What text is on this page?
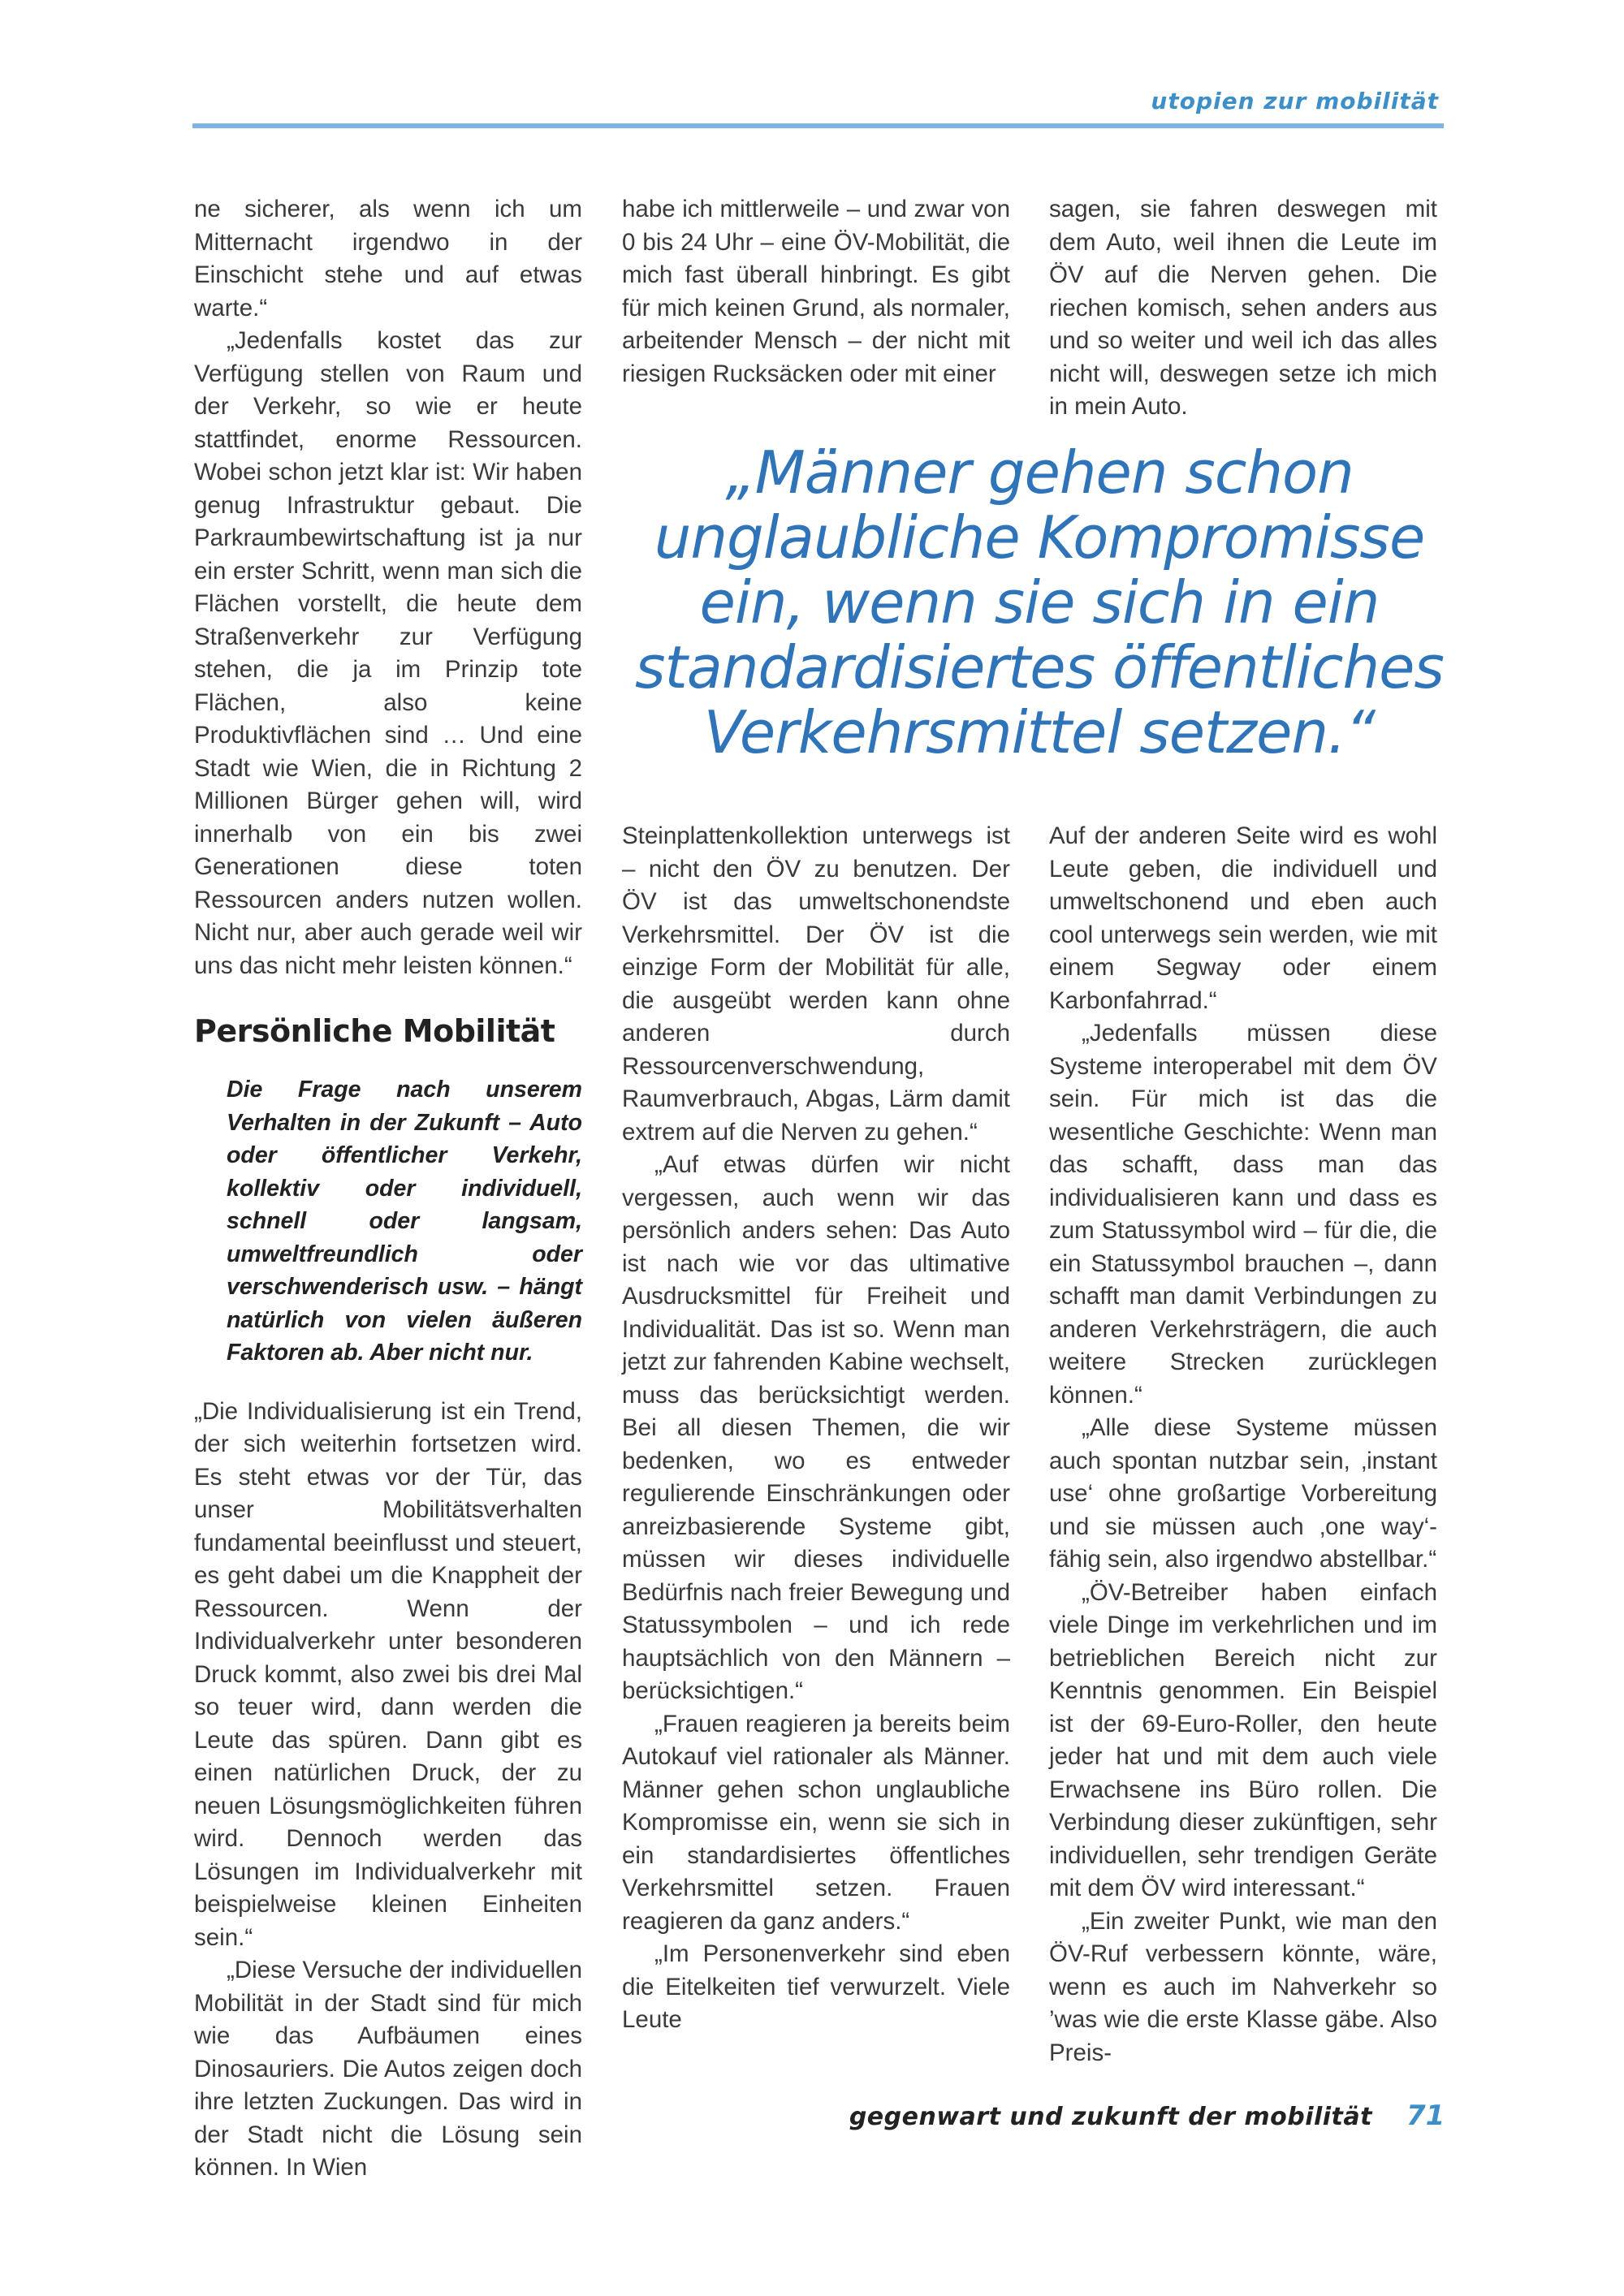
utopien zur mobilität

ne sicherer, als wenn ich um Mitternacht irgendwo in der Einschicht stehe und auf etwas warte.“

„Jedenfalls kostet das zur Verfügung stellen von Raum und der Verkehr, so wie er heute stattfindet, enorme Ressourcen. Wobei schon jetzt klar ist: Wir haben genug Infrastruktur gebaut. Die Parkraumbewirtschaftung ist ja nur ein erster Schritt, wenn man sich die Flächen vorstellt, die heute dem Straßenverkehr zur Verfügung stehen, die ja im Prinzip tote Flächen, also keine Produktivflächen sind … Und eine Stadt wie Wien, die in Richtung 2 Millionen Bürger gehen will, wird innerhalb von ein bis zwei Generationen diese toten Ressourcen anders nutzen wollen. Nicht nur, aber auch gerade weil wir uns das nicht mehr leisten können.“

Persönliche Mobilität

Die Frage nach unserem Verhalten in der Zukunft – Auto oder öffentlicher Verkehr, kollektiv oder individuell, schnell oder langsam, umweltfreundlich oder verschwenderisch usw. – hängt natürlich von vielen äußeren Faktoren ab. Aber nicht nur.

„Die Individualisierung ist ein Trend, der sich weiterhin fortsetzen wird. Es steht etwas vor der Tür, das unser Mobilitätsverhalten fundamental beeinflusst und steuert, es geht dabei um die Knappheit der Ressourcen. Wenn der Individualverkehr unter besonderen Druck kommt, also zwei bis drei Mal so teuer wird, dann werden die Leute das spüren. Dann gibt es einen natürlichen Druck, der zu neuen Lösungsmöglichkeiten führen wird. Dennoch werden das Lösungen im Individualverkehr mit beispielweise kleinen Einheiten sein.“

„Diese Versuche der individuellen Mobilität in der Stadt sind für mich wie das Aufbäumen eines Dinosauriers. Die Autos zeigen doch ihre letzten Zuckungen. Das wird in der Stadt nicht die Lösung sein können. In Wien

habe ich mittlerweile – und zwar von 0 bis 24 Uhr – eine ÖV-Mobilität, die mich fast überall hinbringt. Es gibt für mich keinen Grund, als normaler, arbeitender Mensch – der nicht mit riesigen Rucksäcken oder mit einer

sagen, sie fahren deswegen mit dem Auto, weil ihnen die Leute im ÖV auf die Nerven gehen. Die riechen komisch, sehen anders aus und so weiter und weil ich das alles nicht will, deswegen setze ich mich in mein Auto.

„Männer gehen schon unglaubliche Kompromisse ein, wenn sie sich in ein standardisiertes öffentliches Verkehrsmittel setzen.“

Steinplattenkollektion unterwegs ist – nicht den ÖV zu benutzen. Der ÖV ist das umweltschonendste Verkehrsmittel. Der ÖV ist die einzige Form der Mobilität für alle, die ausgeübt werden kann ohne anderen durch Ressourcenverschwendung, Raumverbrauch, Abgas, Lärm damit extrem auf die Nerven zu gehen.“

„Auf etwas dürfen wir nicht vergessen, auch wenn wir das persönlich anders sehen: Das Auto ist nach wie vor das ultimative Ausdrucksmittel für Freiheit und Individualität. Das ist so. Wenn man jetzt zur fahrenden Kabine wechselt, muss das berücksichtigt werden. Bei all diesen Themen, die wir bedenken, wo es entweder regulierende Einschränkungen oder anreizbasierende Systeme gibt, müssen wir dieses individuelle Bedürfnis nach freier Bewegung und Statussymbolen – und ich rede hauptsächlich von den Männern – berücksichtigen.“

„Frauen reagieren ja bereits beim Autokauf viel rationaler als Männer. Männer gehen schon unglaubliche Kompromisse ein, wenn sie sich in ein standardisiertes öffentliches Verkehrsmittel setzen. Frauen reagieren da ganz anders.“

„Im Personenverkehr sind eben die Eitelkeiten tief verwurzelt. Viele Leute

Auf der anderen Seite wird es wohl Leute geben, die individuell und umweltschonend und eben auch cool unterwegs sein werden, wie mit einem Segway oder einem Karbonfahrrad.“

„Jedenfalls müssen diese Systeme interoperabel mit dem ÖV sein. Für mich ist das die wesentliche Geschichte: Wenn man das schafft, dass man das individualisieren kann und dass es zum Statussymbol wird – für die, die ein Statussymbol brauchen –, dann schafft man damit Verbindungen zu anderen Verkehrsträgern, die auch weitere Strecken zurücklegen können.“

„Alle diese Systeme müssen auch spontan nutzbar sein, ‚instant use‘ ohne großartige Vorbereitung und sie müssen auch ‚one way‘-fähig sein, also irgendwo abstellbar.“

„ÖV-Betreiber haben einfach viele Dinge im verkehrlichen und im betrieblichen Bereich nicht zur Kenntnis genommen. Ein Beispiel ist der 69-Euro-Roller, den heute jeder hat und mit dem auch viele Erwachsene ins Büro rollen. Die Verbindung dieser zukünftigen, sehr individuellen, sehr trendigen Geräte mit dem ÖV wird interessant.“

„Ein zweiter Punkt, wie man den ÖV-Ruf verbessern könnte, wäre, wenn es auch im Nahverkehr so ’was wie die erste Klasse gäbe. Also Preis-

gegenwart und zukunft der mobilität 71
